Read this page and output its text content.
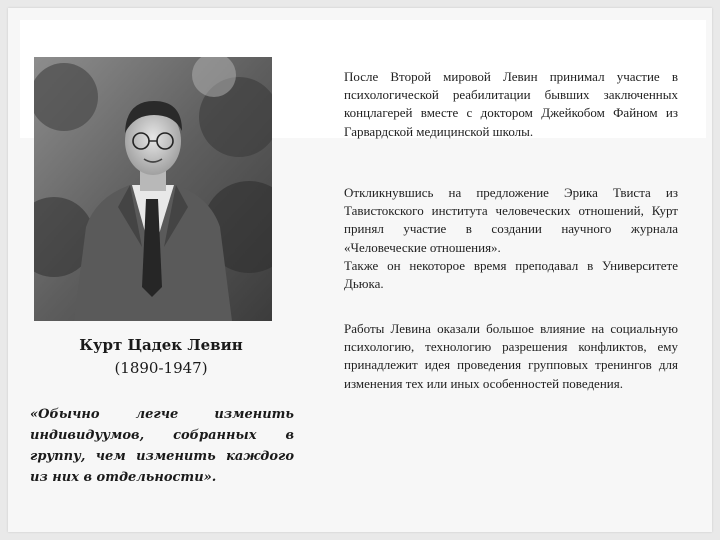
Курт Цадек Левин
(1890-1947)
«Обычно легче изменить индивидуумов, собранных в группу, чем изменить каждого из них в отдельности».

После Второй мировой Левин принимал участие в психологической реабилитации бывших заключенных концлагерей вместе с доктором Джейкобом Файном из Гарвардской медицинской школы.

Откликнувшись на предложение Эрика Твиста из Тавистокского института человеческих отношений, Курт принял участие в создании научного журнала «Человеческие отношения».

Также он некоторое время преподавал в Университете Дьюка.

Работы Левина оказали большое влияние на социальную психологию, технологию разрешения конфликтов, ему принадлежит идея проведения групповых тренингов для изменения тех или иных особенностей поведения.
